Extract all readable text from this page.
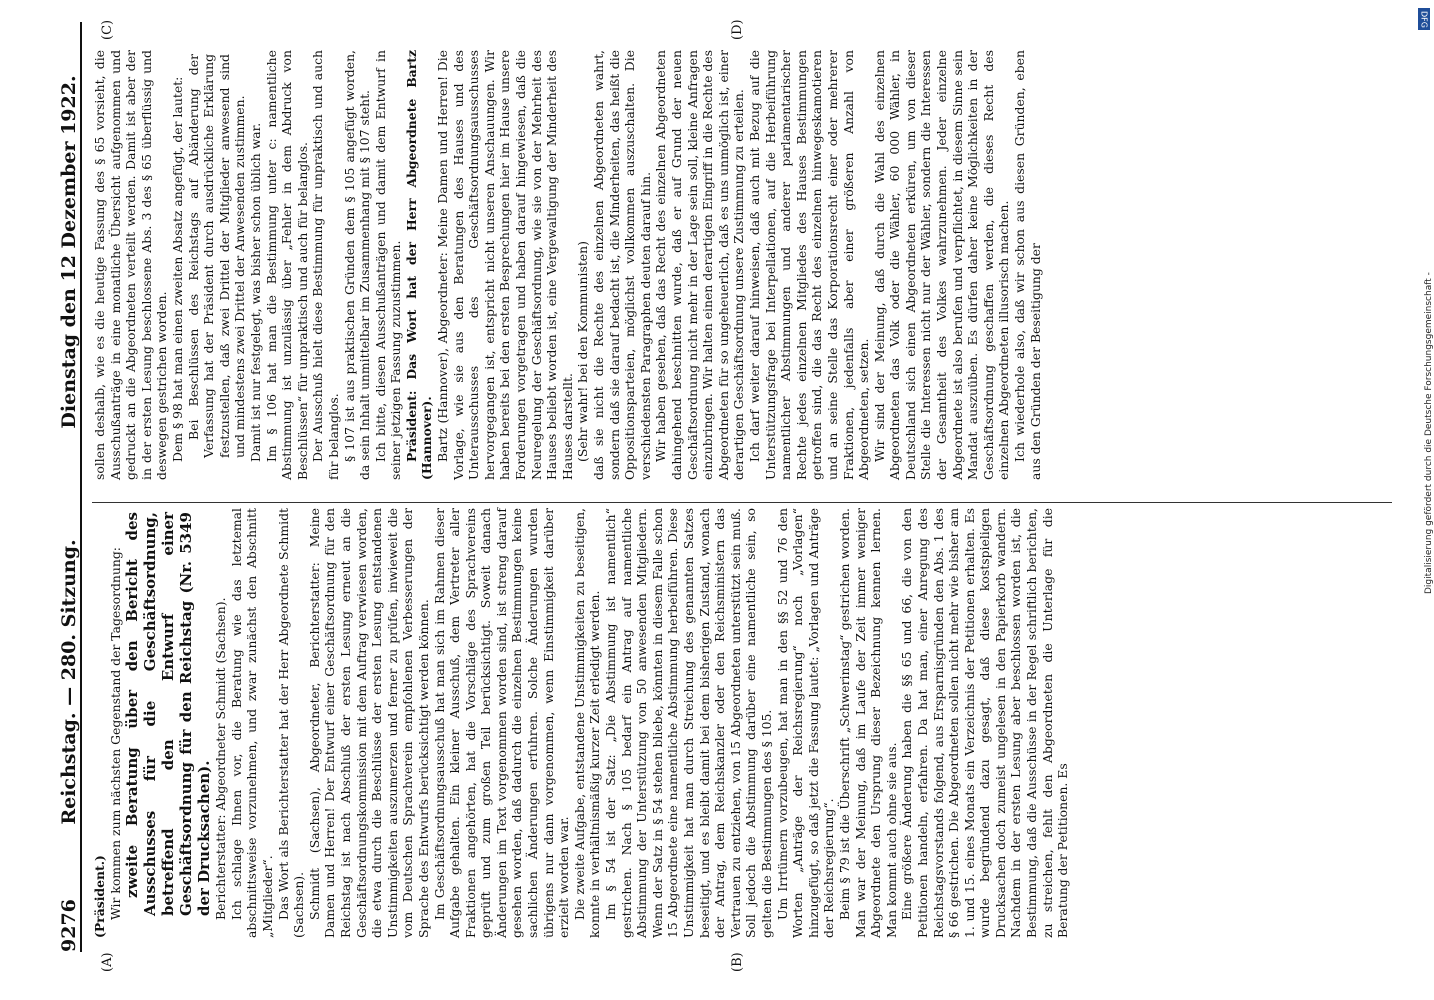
9276
Reichstag. — 280. Sitzung.
Dienstag den 12 Dezember 1922.
(A)	(B)
(C)	(D)

(Präsident.) Wir kommen zum nächsten Gegenstand der Tagesordnung: zweite Beratung über den Bericht des Ausschusses für die Geschäftsordnung, betreffend den Entwurf einer Geschäftsordnung für den Reichstag (Nr. 5349 der Drucksachen). Berichterstatter: Abgeordneter Schmidt (Sachsen). Ich schlage Ihnen vor, die Beratung wie das letztemal abschnittsweise vorzunehmen, und zwar zunächst den Abschnitt „Mitglieder“. Das Wort als Berichterstatter hat der Herr Abgeordnete Schmidt (Sachsen). Schmidt (Sachsen), Abgeordneter, Berichterstatter: Meine Damen und Herren! Der Entwurf einer Geschäftsordnung für den Reichstag ist nach Abschluß der ersten Lesung erneut an die Geschäftsordnungskommission mit dem Auftrag verwiesen worden, die etwa durch die Beschlüsse der ersten Lesung entstandenen Unstimmigkeiten auszumerzen und ferner zu prüfen, inwieweit die vom Deutschen Sprachverein empfohlenen Verbesserungen der Sprache des Entwurfs berücksichtigt werden können. Im Geschäftsordnungsausschuß hat man sich im Rahmen dieser Aufgabe gehalten. Ein kleiner Ausschuß, dem Vertreter aller Fraktionen angehörten, hat die Vorschläge des Sprachvereins geprüft und zum großen Teil berücksichtigt. Soweit danach Änderungen im Text vorgenommen worden sind, ist streng darauf gesehen worden, daß dadurch die einzelnen Bestimmungen keine sachlichen Änderungen erfuhren. Solche Änderungen wurden übrigens nur dann vorgenommen, wenn Einstimmigkeit darüber erzielt worden war. Die zweite Aufgabe, entstandene Unstimmigkeiten zu beseitigen, konnte in verhältnismäßig kurzer Zeit erledigt werden. Im § 54 ist der Satz: „Die Abstimmung ist namentlich“ gestrichen. Nach § 105 bedarf ein Antrag auf namentliche Abstimmung der Unterstützung von 50 anwesenden Mitgliedern. Wenn der Satz in § 54 stehen bliebe, könnten in diesem Falle schon 15 Abgeordnete eine namentliche Abstimmung herbeiführen. Diese Unstimmigkeit hat man durch Streichung des genannten Satzes beseitigt, und es bleibt damit bei dem bisherigen Zustand, wonach der Antrag, dem Reichskanzler oder den Reichsministern das Vertrauen zu entziehen, von 15 Abgeordneten unterstützt sein muß. Soll jedoch die Abstimmung darüber eine namentliche sein, so gelten die Bestimmungen des § 105. Um Irrtümern vorzubeugen, hat man in den §§ 52 und 76 den Worten „Anträge der Reichsregierung“ noch „Vorlagen“ hinzugefügt, so daß jetzt die Fassung lautet: „Vorlagen und Anträge der Reichsregierung“. Beim § 79 ist die Überschrift „Schwerinstag“ gestrichen worden. Man war der Meinung, daß im Laufe der Zeit immer weniger Abgeordnete den Ursprung dieser Bezeichnung kennen lernen. Man kommt auch ohne sie aus. Eine größere Änderung haben die §§ 65 und 66, die von den Petitionen handeln, erfahren. Da hat man, einer Anregung des Reichstagsvorstands folgend, aus Ersparnisgründen den Abs. 1 des § 66 gestrichen. Die Abgeordneten sollen nicht mehr wie bisher am 1. und 15. eines Monats ein Verzeichnis der Petitionen erhalten. Es wurde begründend dazu gesagt, daß diese kostspieligen Drucksachen doch zumeist ungelesen in den Papierkorb wandern. Nachdem in der ersten Lesung aber beschlossen worden ist, die Bestimmung, daß die Ausschüsse in der Regel schriftlich berichten, zu streichen, fehlt den Abgeordneten die Unterlage für die Beratung der Petitionen. Es

sollen deshalb, wie es die heutige Fassung des § 65 vorsieht, die Ausschußanträge in eine monatliche Übersicht aufgenommen und gedruckt an die Abgeordneten verteilt werden. Damit ist aber der in der ersten Lesung beschlossene Abs. 3 des § 65 überflüssig und deswegen gestrichen worden. Dem § 98 hat man einen zweiten Absatz angefügt, der lautet: Bei Beschlüssen des Reichstags auf Abänderung der Verfassung hat der Präsident durch ausdrückliche Erklärung festzustellen, daß zwei Drittel der Mitglieder anwesend sind und mindestens zwei Drittel der Anwesenden zustimmen. Damit ist nur festgelegt, was bisher schon üblich war. Im § 106 hat man die Bestimmung unter c: namentliche Abstimmung ist unzulässig über „Fehler in dem Abdruck von Beschlüssen“ für unpraktisch und auch für belanglos. Der Ausschuß hielt diese Bestimmung für unpraktisch und auch für belanglos. § 107 ist aus praktischen Gründen dem § 105 angefügt worden, da sein Inhalt unmittelbar im Zusammenhang mit § 107 steht. Ich bitte, diesen Ausschußanträgen und damit dem Entwurf in seiner jetzigen Fassung zuzustimmen. Präsident: Das Wort hat der Herr Abgeordnete Bartz (Hannover). Bartz (Hannover), Abgeordneter: Meine Damen und Herren! Die Vorlage, wie sie aus den Beratungen des Hauses und des Unterausschusses des Geschäftsordnungsausschusses hervorgegangen ist, entspricht nicht unseren Anschauungen. Wir haben bereits bei den ersten Besprechungen hier im Hause unsere Forderungen vorgetragen und haben darauf hingewiesen, daß die Neuregelung der Geschäftsordnung, wie sie von der Mehrheit des Hauses beliebt worden ist, eine Vergewaltigung der Minderheit des Hauses darstellt. (Sehr wahr! bei den Kommunisten) daß sie nicht die Rechte des einzelnen Abgeordneten wahrt, sondern daß sie darauf bedacht ist, die Minderheiten, das heißt die Oppositionsparteien, möglichst vollkommen auszuschalten. Die verschiedensten Paragraphen deuten darauf hin. Wir haben gesehen, daß das Recht des einzelnen Abgeordneten dahingehend beschnitten wurde, daß er auf Grund der neuen Geschäftsordnung nicht mehr in der Lage sein soll, kleine Anfragen einzubringen. Wir halten einen derartigen Eingriff in die Rechte des Abgeordneten für so ungeheuerlich, daß es uns unmöglich ist, einer derartigen Geschäftsordnung unsere Zustimmung zu erteilen. Ich darf weiter darauf hinweisen, daß auch mit Bezug auf die Unterstützungsfrage bei Interpellationen, auf die Herbeiführung namentlicher Abstimmungen und anderer parlamentarischer Rechte jedes einzelnen Mitgliedes des Hauses Bestimmungen getroffen sind, die das Recht des einzelnen hinwegeskamotieren und an seine Stelle das Korporationsrecht einer oder mehrerer Fraktionen, jedenfalls aber einer größeren Anzahl von Abgeordneten, setzen. Wir sind der Meinung, daß durch die Wahl des einzelnen Abgeordneten das Volk oder die Wähler, 60 000 Wähler, in Deutschland sich einen Abgeordneten erküren, um von dieser Stelle die Interessen nicht nur der Wähler, sondern die Interessen der Gesamtheit des Volkes wahrzunehmen. Jeder einzelne Abgeordnete ist also berufen und verpflichtet, in diesem Sinne sein Mandat auszuüben. Es dürfen daher keine Möglichkeiten in der Geschäftsordnung geschaffen werden, die dieses Recht des einzelnen Abgeordneten illusorisch machen. Ich wiederhole also, daß wir schon aus diesen Gründen, eben aus den Gründen der Beseitigung der

DFG
Digitalisierung gefördert durch die Deutsche Forschungsgemeinschaft -
